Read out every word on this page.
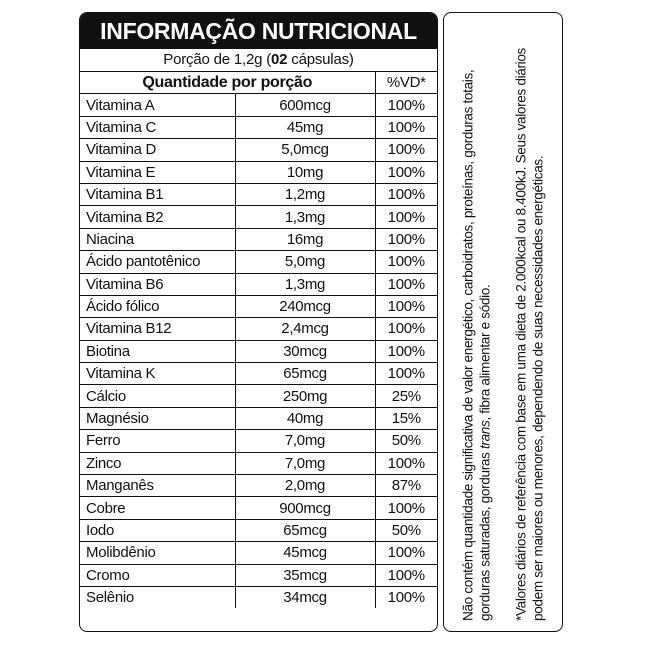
INFORMAÇÃO NUTRICIONAL
Porção de 1,2g (02 cápsulas)
Quantidade por porção		%VD*
Vitamina A	600mcg	100%
Vitamina C	45mg	100%
Vitamina D	5,0mcg	100%
Vitamina E	10mg	100%
Vitamina B1	1,2mg	100%
Vitamina B2	1,3mg	100%
Niacina	16mg	100%
Ácido pantotênico	5,0mg	100%
Vitamina B6	1,3mg	100%
Ácido fólico	240mcg	100%
Vitamina B12	2,4mcg	100%
Biotina	30mcg	100%
Vitamina K	65mcg	100%
Cálcio	250mg	25%
Magnésio	40mg	15%
Ferro	7,0mg	50%
Zinco	7,0mg	100%
Manganês	2,0mg	87%
Cobre	900mcg	100%
Iodo	65mcg	50%
Molibdênio	45mcg	100%
Cromo	35mcg	100%
Selênio	34mcg	100%	Não contém quantidade significativa de valor energético, carboidratos, proteínas, gorduras totais, gorduras saturadas, gorduras trans, fibra alimentar e sódio. *Valores diários de referência com base em uma dieta de 2.000kcal ou 8.400kJ. Seus valores diários podem ser maiores ou menores, dependendo de suas necessidades energéticas.
